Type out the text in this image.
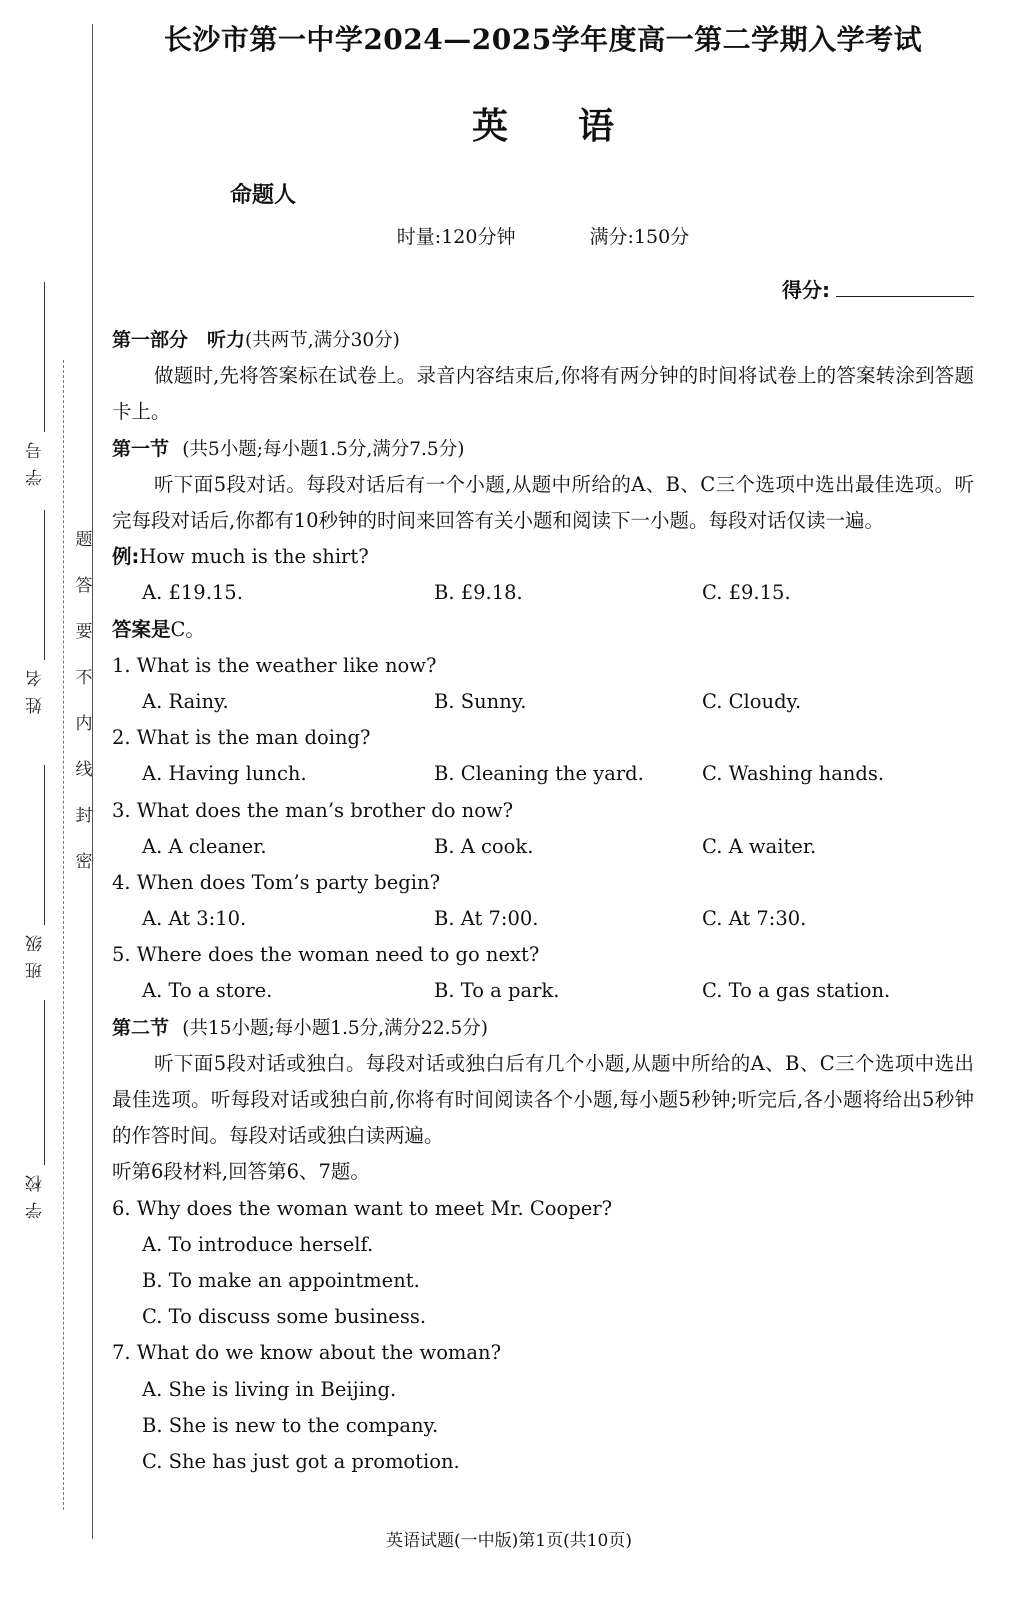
学号
姓名
班级
学校
题
答
要
不
内
线
封
密
长沙市第一中学2024—2025学年度高一第二学期入学考试
英语
命题人
时量:120分钟	满分:150分
得分:
第一部分　听力(共两节,满分30分)
做题时,先将答案标在试卷上。录音内容结束后,你将有两分钟的时间将试卷上的答案转涂到答题卡上。
第一节 (共5小题;每小题1.5分,满分7.5分)
听下面5段对话。每段对话后有一个小题,从题中所给的A、B、C三个选项中选出最佳选项。听完每段对话后,你都有10秒钟的时间来回答有关小题和阅读下一小题。每段对话仅读一遍。
例:How much is the shirt?
A. £19.15.	B. £9.18.	C. £9.15.
答案是C。
1. What is the weather like now?
A. Rainy.	B. Sunny.	C. Cloudy.
2. What is the man doing?
A. Having lunch.	B. Cleaning the yard.	C. Washing hands.
3. What does the man’s brother do now?
A. A cleaner.	B. A cook.	C. A waiter.
4. When does Tom’s party begin?
A. At 3:10.	B. At 7:00.	C. At 7:30.
5. Where does the woman need to go next?
A. To a store.	B. To a park.	C. To a gas station.
第二节 (共15小题;每小题1.5分,满分22.5分)
听下面5段对话或独白。每段对话或独白后有几个小题,从题中所给的A、B、C三个选项中选出最佳选项。听每段对话或独白前,你将有时间阅读各个小题,每小题5秒钟;听完后,各小题将给出5秒钟的作答时间。每段对话或独白读两遍。
听第6段材料,回答第6、7题。
6. Why does the woman want to meet Mr. Cooper?
A. To introduce herself.
B. To make an appointment.
C. To discuss some business.
7. What do we know about the woman?
A. She is living in Beijing.
B. She is new to the company.
C. She has just got a promotion.
英语试题(一中版)第1页(共10页)
